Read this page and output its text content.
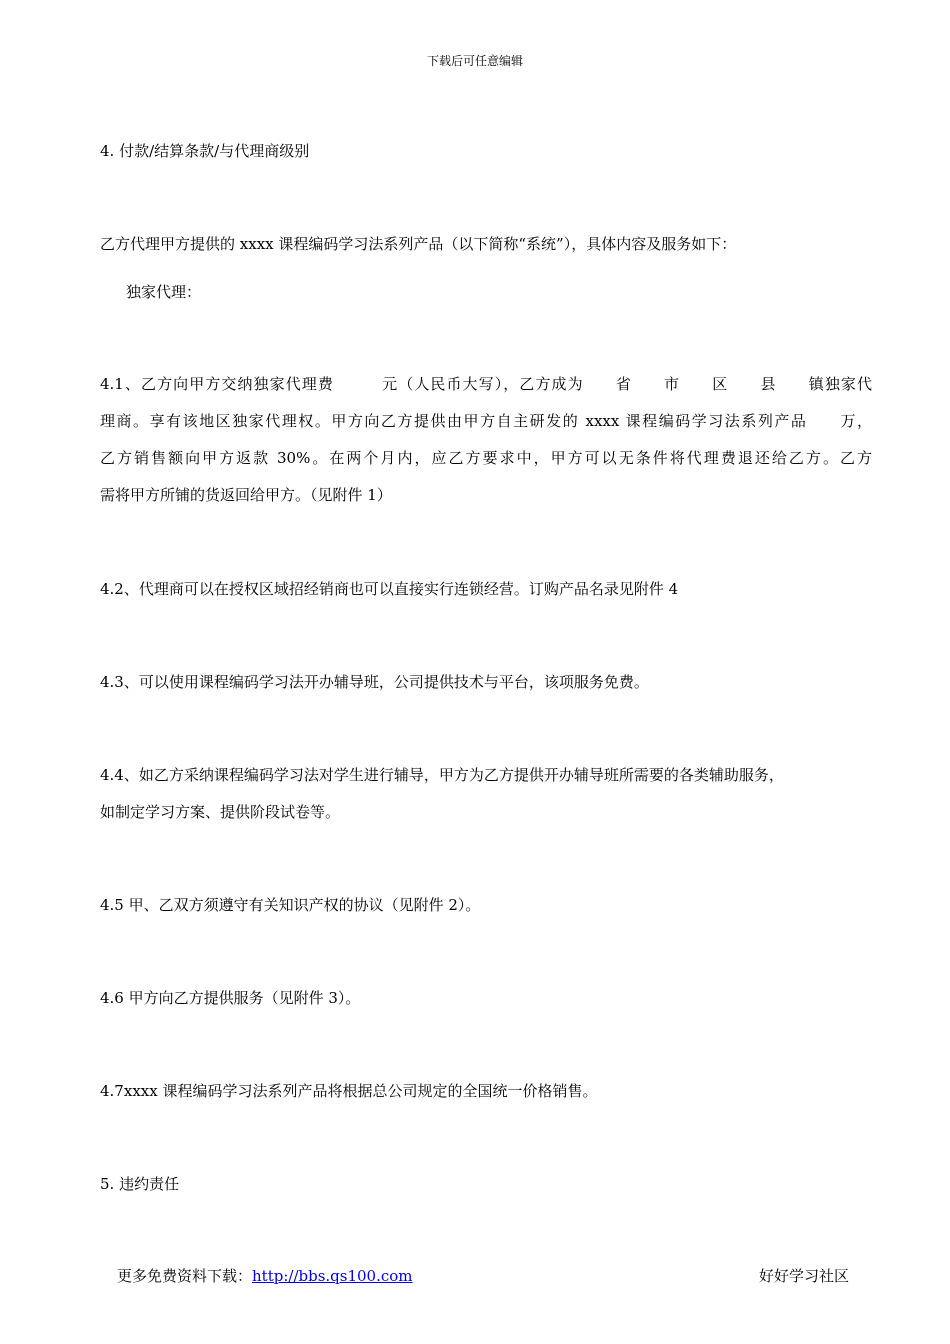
下载后可任意编辑
4. 付款/结算条款/与代理商级别
乙方代理甲方提供的 xxxx 课程编码学习法系列产品（以下简称“系统”），具体内容及服务如下：
独家代理：
4.1、乙方向甲方交纳独家代理费　　　元（人民币大写），乙方成为　　省　　市　　区　　县　　镇独家代
理商。享有该地区独家代理权。甲方向乙方提供由甲方自主研发的 xxxx 课程编码学习法系列产品　　万，
乙方销售额向甲方返款 30%。在两个月内，应乙方要求中，甲方可以无条件将代理费退还给乙方。乙方
需将甲方所铺的货返回给甲方。（见附件 1）
4.2、代理商可以在授权区域招经销商也可以直接实行连锁经营。订购产品名录见附件 4
4.3、可以使用课程编码学习法开办辅导班，公司提供技术与平台，该项服务免费。
4.4、如乙方采纳课程编码学习法对学生进行辅导，甲方为乙方提供开办辅导班所需要的各类辅助服务，
如制定学习方案、提供阶段试卷等。
4.5 甲、乙双方须遵守有关知识产权的协议（见附件 2）。
4.6 甲方向乙方提供服务（见附件 3）。
4.7xxxx 课程编码学习法系列产品将根据总公司规定的全国统一价格销售。
5. 违约责任
更多免费资料下载：http://bbs.qs100.com	好好学习社区
